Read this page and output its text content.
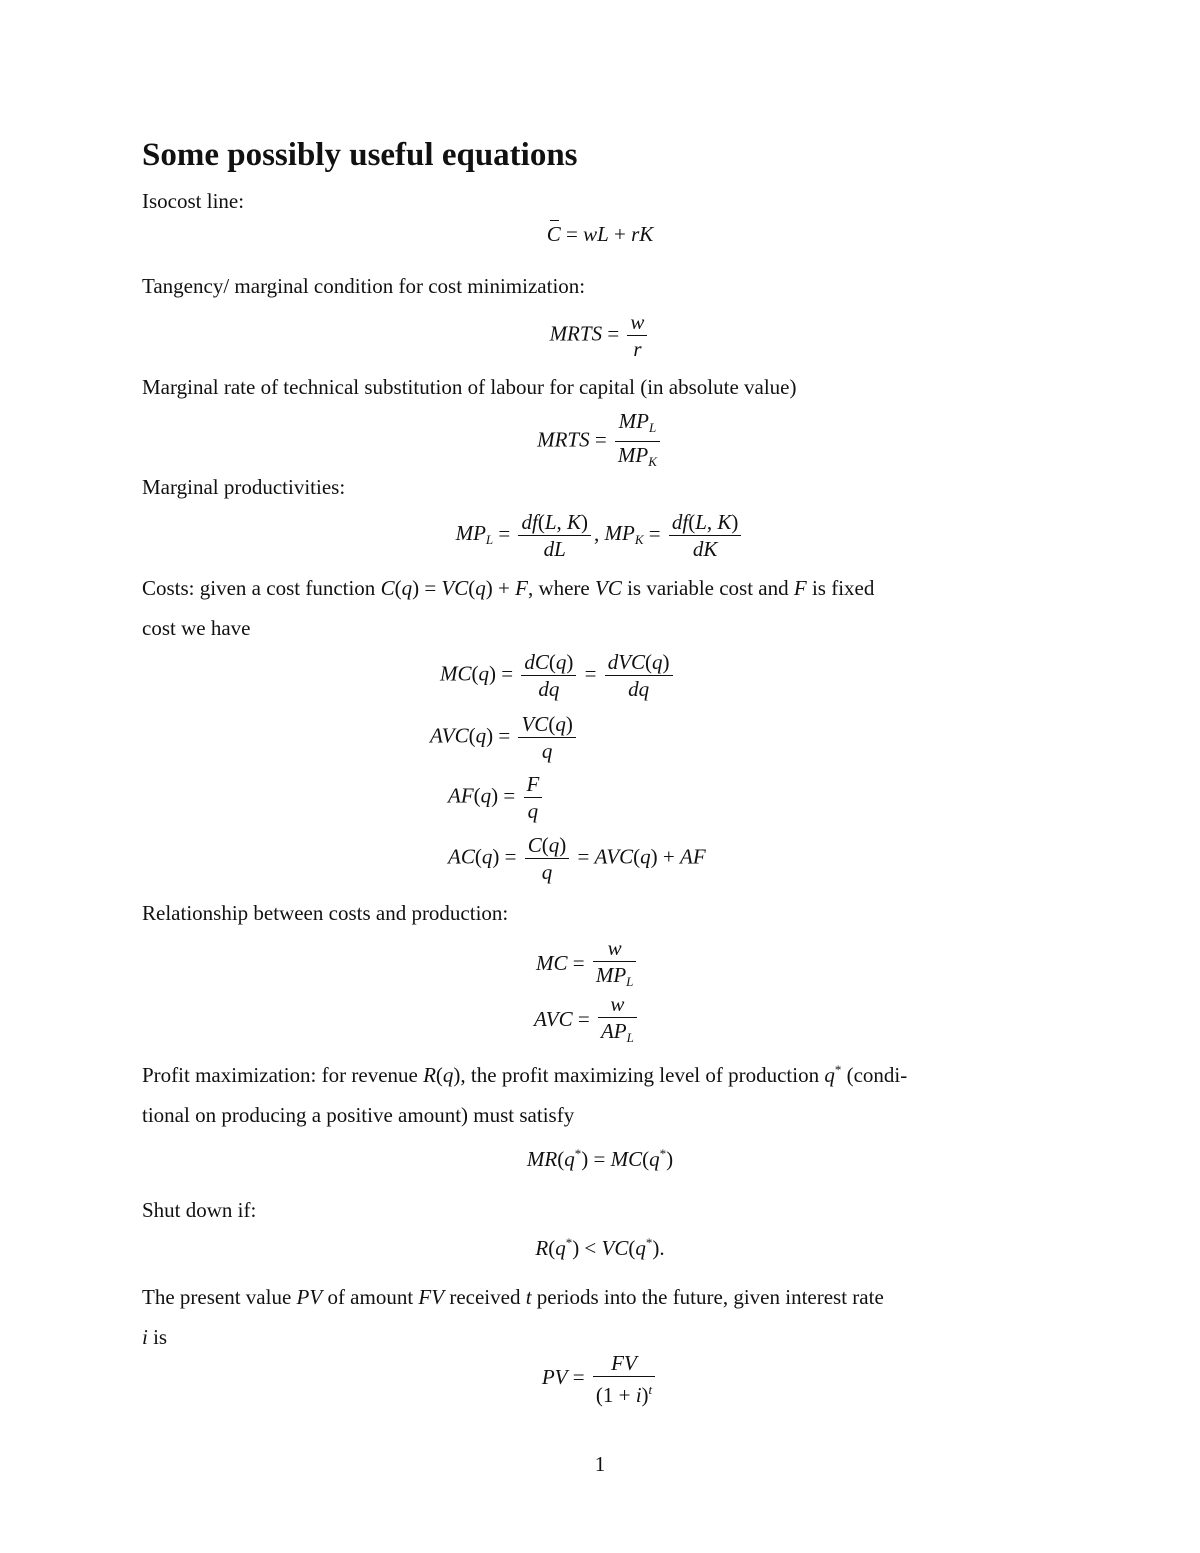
Some possibly useful equations

Isocost line:

C = wL + rK

Tangency/ marginal condition for cost minimization:

MRTS = $\frac{w}{r}$

Marginal rate of technical substitution of labour for capital (in absolute value)

MRTS = $\frac{MP_L}{MP_K}$

Marginal productivities:

$MP_L = \frac{df(L, K)}{dL}$ , $MP_K = \frac{df(L, K)}{dK}$

Costs: given a cost function C(q) = VC(q) + F, where VC is variable cost and F is fixed
cost we have

$MC(q) = \frac{dC(q)}{dq} = \frac{\text{dVC(q)}}{dq}$
$AVC(q) = \frac{VC(q)}{q}$
$AF(q) = \frac{F}{q}$
$AC(q) = \frac{C(q)}{q} = AVC(q)$ + AF

Relationship between costs and production:

MC = $\frac{w}{MP_L}$
AVC = $\frac{w}{AP_L}$

Profit maximization: for revenue R(q), the profit maximizing level of production q* (condi-
tional on producing a positive amount) must satisfy

MR(q*) = MC(q*)

Shut down if:

R(q*) < VC(q*).

The present value PV of amount FV received t periods into the future, given interest rate
i is

PV = $\frac{FV}{(1 + i)^t}$
1
